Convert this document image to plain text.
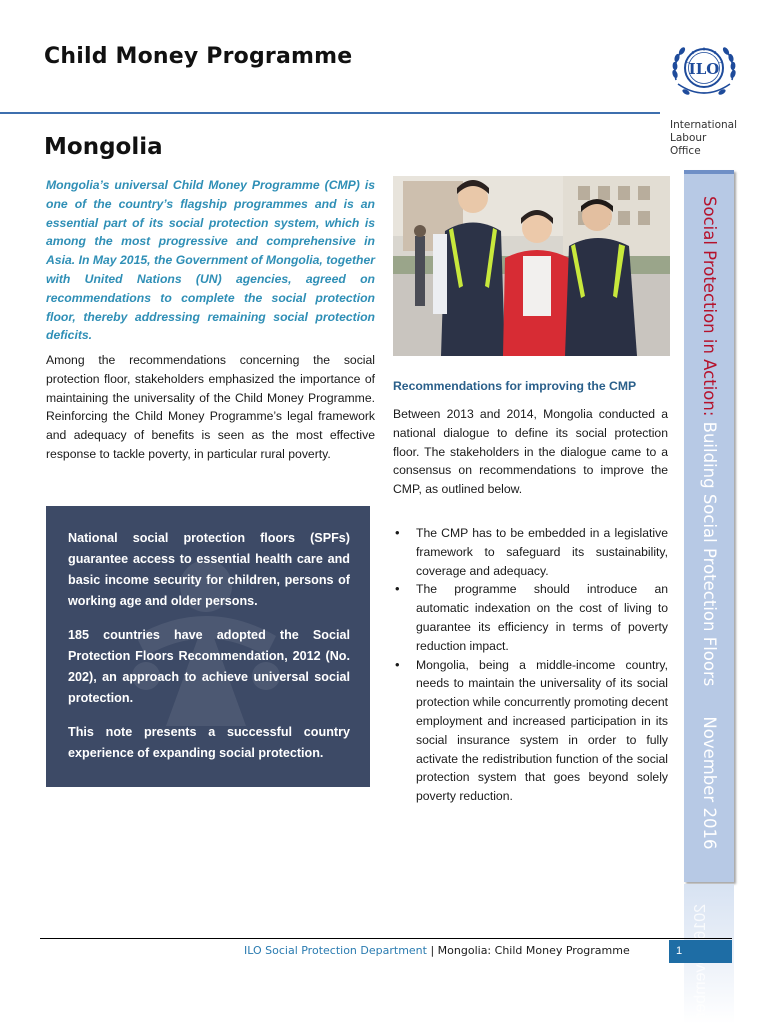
Child Money Programme	ILO
International
Labour
Office
Mongolia

Mongolia’s universal Child Money Programme (CMP) is one of the country’s flagship programmes and is an essential part of its social protection system, which is among the most progressive and comprehensive in Asia. In May 2015, the Government of Mongolia, together with United Nations (UN) agencies, agreed on recommendations to complete the social protection floor, thereby addressing remaining social protection deficits.

Among the recommendations concerning the social protection floor, stakeholders emphasized the importance of maintaining the universality of the Child Money Programme. Reinforcing the Child Money Programme’s legal framework and adequacy of benefits is seen as the most effective response to tackle poverty, in particular rural poverty.

National social protection floors (SPFs) guarantee access to essential health care and basic income security for children, persons of working age and older persons.

185 countries have adopted the Social Protection Floors Recommendation, 2012 (No. 202), an approach to achieve universal social protection.

This note presents a successful country experience of expanding social protection.

Recommendations for improving the CMP

Between 2013 and 2014, Mongolia conducted a national dialogue to define its social protection floor. The stakeholders in the dialogue came to a consensus on recommendations to improve the CMP, as outlined below.

• The CMP has to be embedded in a legislative framework to safeguard its sustainability, coverage and adequacy.
• The programme should introduce an automatic indexation on the cost of living to guarantee its efficiency in terms of poverty reduction impact.
• Mongolia, being a middle-income country, needs to maintain the universality of its social protection while concurrently promoting decent employment and increased participation in its social insurance system in order to fully activate the redistribution function of the social protection system that goes beyond solely poverty reduction.
Social Protection in Action: Building Social Protection FloorsNovember 2016
ILO Social Protection Department | Mongolia: Child Money Programme	1
